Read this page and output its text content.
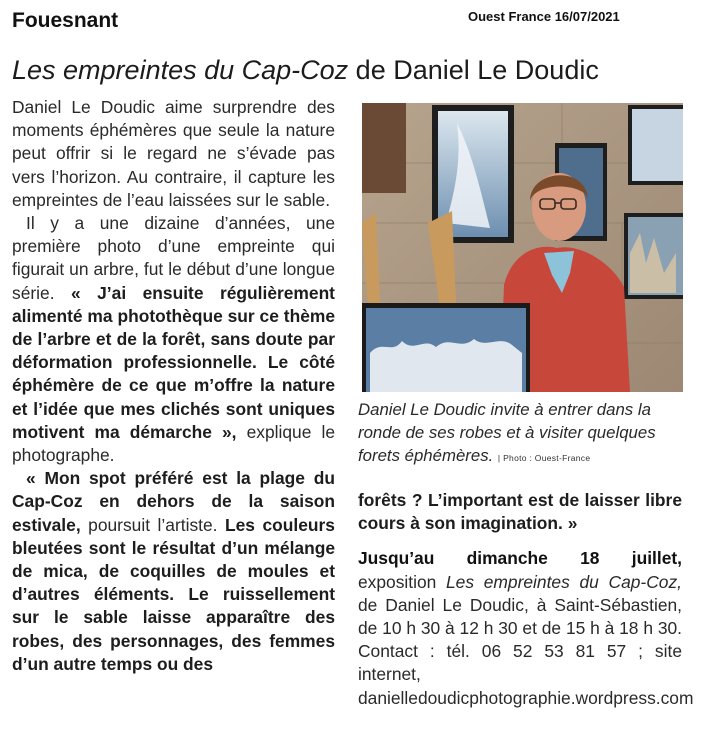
Fouesnant	Ouest France 16/07/2021
Les empreintes du Cap-Coz de Daniel Le Doudic

Daniel Le Doudic aime surprendre des moments éphémères que seule la nature peut offrir si le regard ne s’évade pas vers l’horizon. Au contraire, il capture les empreintes de l’eau laissées sur le sable.

Il y a une dizaine d’années, une première photo d’une empreinte qui figurait un arbre, fut le début d’une longue série. « J’ai ensuite régulièrement alimenté ma photothèque sur ce thème de l’arbre et de la forêt, sans doute par déformation professionnelle. Le côté éphémère de ce que m’offre la nature et l’idée que mes clichés sont uniques motivent ma démarche », explique le photographe.

« Mon spot préféré est la plage du Cap-Coz en dehors de la saison estivale, poursuit l’artiste. Les couleurs bleutées sont le résultat d’un mélange de mica, de coquilles de moules et d’autres éléments. Le ruissellement sur le sable laisse apparaître des robes, des personnages, des femmes d’un autre temps ou des

Daniel Le Doudic invite à entrer dans la ronde de ses robes et à visiter quelques forets éphémères. | Photo : Ouest-France

forêts ? L’important est de laisser libre cours à son imagination. »

Jusqu’au dimanche 18 juillet, exposition Les empreintes du Cap-Coz, de Daniel Le Doudic, à Saint-Sébastien, de 10 h 30 à 12 h 30 et de 15 h à 18 h 30. Contact : tél. 06 52 53 81 57 ; site internet, danielledoudicphotographie.wordpress.com
